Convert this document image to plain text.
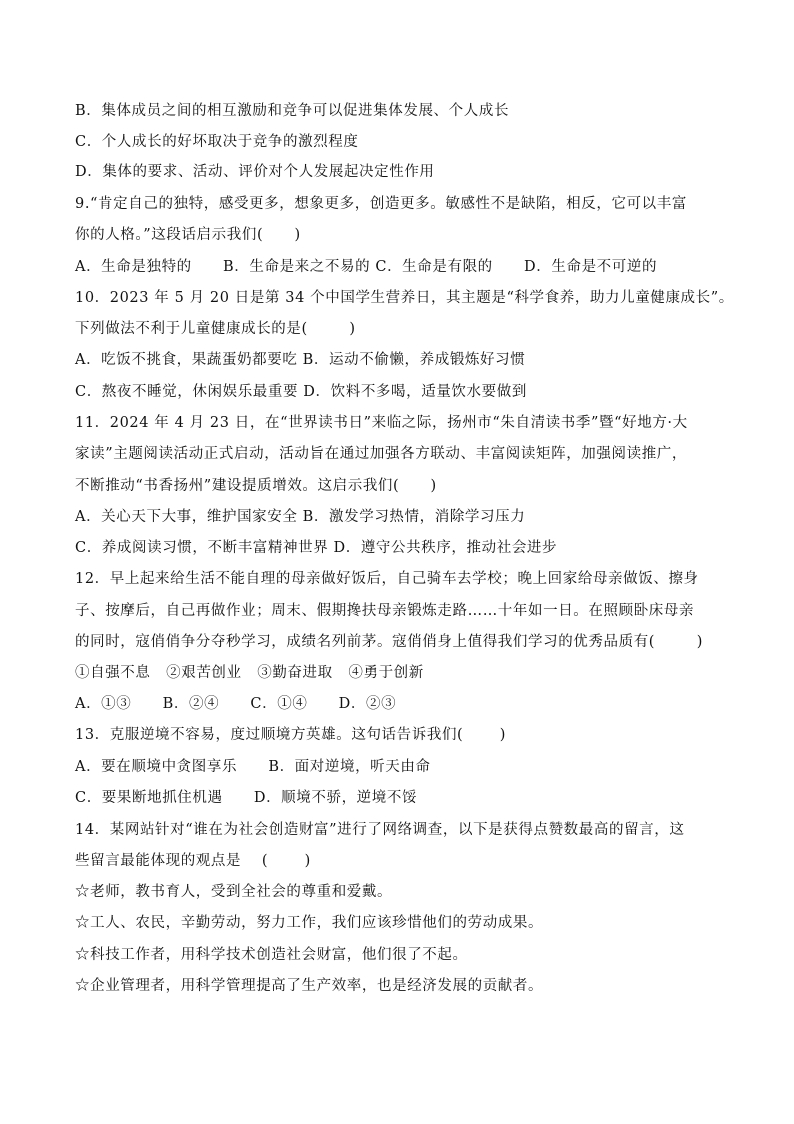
B．集体成员之间的相互激励和竞争可以促进集体发展、个人成长
C．个人成长的好坏取决于竞争的激烈程度
D．集体的要求、活动、评价对个人发展起决定性作用
9.“肯定自己的独特，感受更多，想象更多，创造更多。敏感性不是缺陷，相反，它可以丰富
你的人格。”这段话启示我们(      )
A．生命是独特的      B．生命是来之不易的 C．生命是有限的      D．生命是不可逆的
10．2023 年 5 月 20 日是第 34 个中国学生营养日，其主题是“科学食养，助力儿童健康成长”。
下列做法不利于儿童健康成长的是(        )
A．吃饭不挑食，果蔬蛋奶都要吃 B．运动不偷懒，养成锻炼好习惯
C．熬夜不睡觉，休闲娱乐最重要 D．饮料不多喝，适量饮水要做到
11．2024 年 4 月 23 日，在“世界读书日”来临之际，扬州市“朱自清读书季”暨“好地方·大
家读”主题阅读活动正式启动，活动旨在通过加强各方联动、丰富阅读矩阵，加强阅读推广，
不断推动“书香扬州”建设提质增效。这启示我们(      )
A．关心天下大事，维护国家安全 B．激发学习热情，消除学习压力
C．养成阅读习惯，不断丰富精神世界 D．遵守公共秩序，推动社会进步
12．早上起来给生活不能自理的母亲做好饭后，自己骑车去学校；晚上回家给母亲做饭、擦身
子、按摩后，自己再做作业；周末、假期搀扶母亲锻炼走路……十年如一日。在照顾卧床母亲
的同时，寇俏俏争分夺秒学习，成绩名列前茅。寇俏俏身上值得我们学习的优秀品质有(        )
①自强不息   ②艰苦创业   ③勤奋进取   ④勇于创新
A．①③      B．②④      C．①④      D．②③
13．克服逆境不容易，度过顺境方英雄。这句话告诉我们(       )
A．要在顺境中贪图享乐      B．面对逆境，听天由命
C．要果断地抓住机遇      D．顺境不骄，逆境不馁
14．某网站针对“谁在为社会创造财富”进行了网络调查，以下是获得点赞数最高的留言，这
些留言最能体现的观点是    (       )
☆老师，教书育人，受到全社会的尊重和爱戴。
☆工人、农民，辛勤劳动，努力工作，我们应该珍惜他们的劳动成果。
☆科技工作者，用科学技术创造社会财富，他们很了不起。
☆企业管理者，用科学管理提高了生产效率，也是经济发展的贡献者。
